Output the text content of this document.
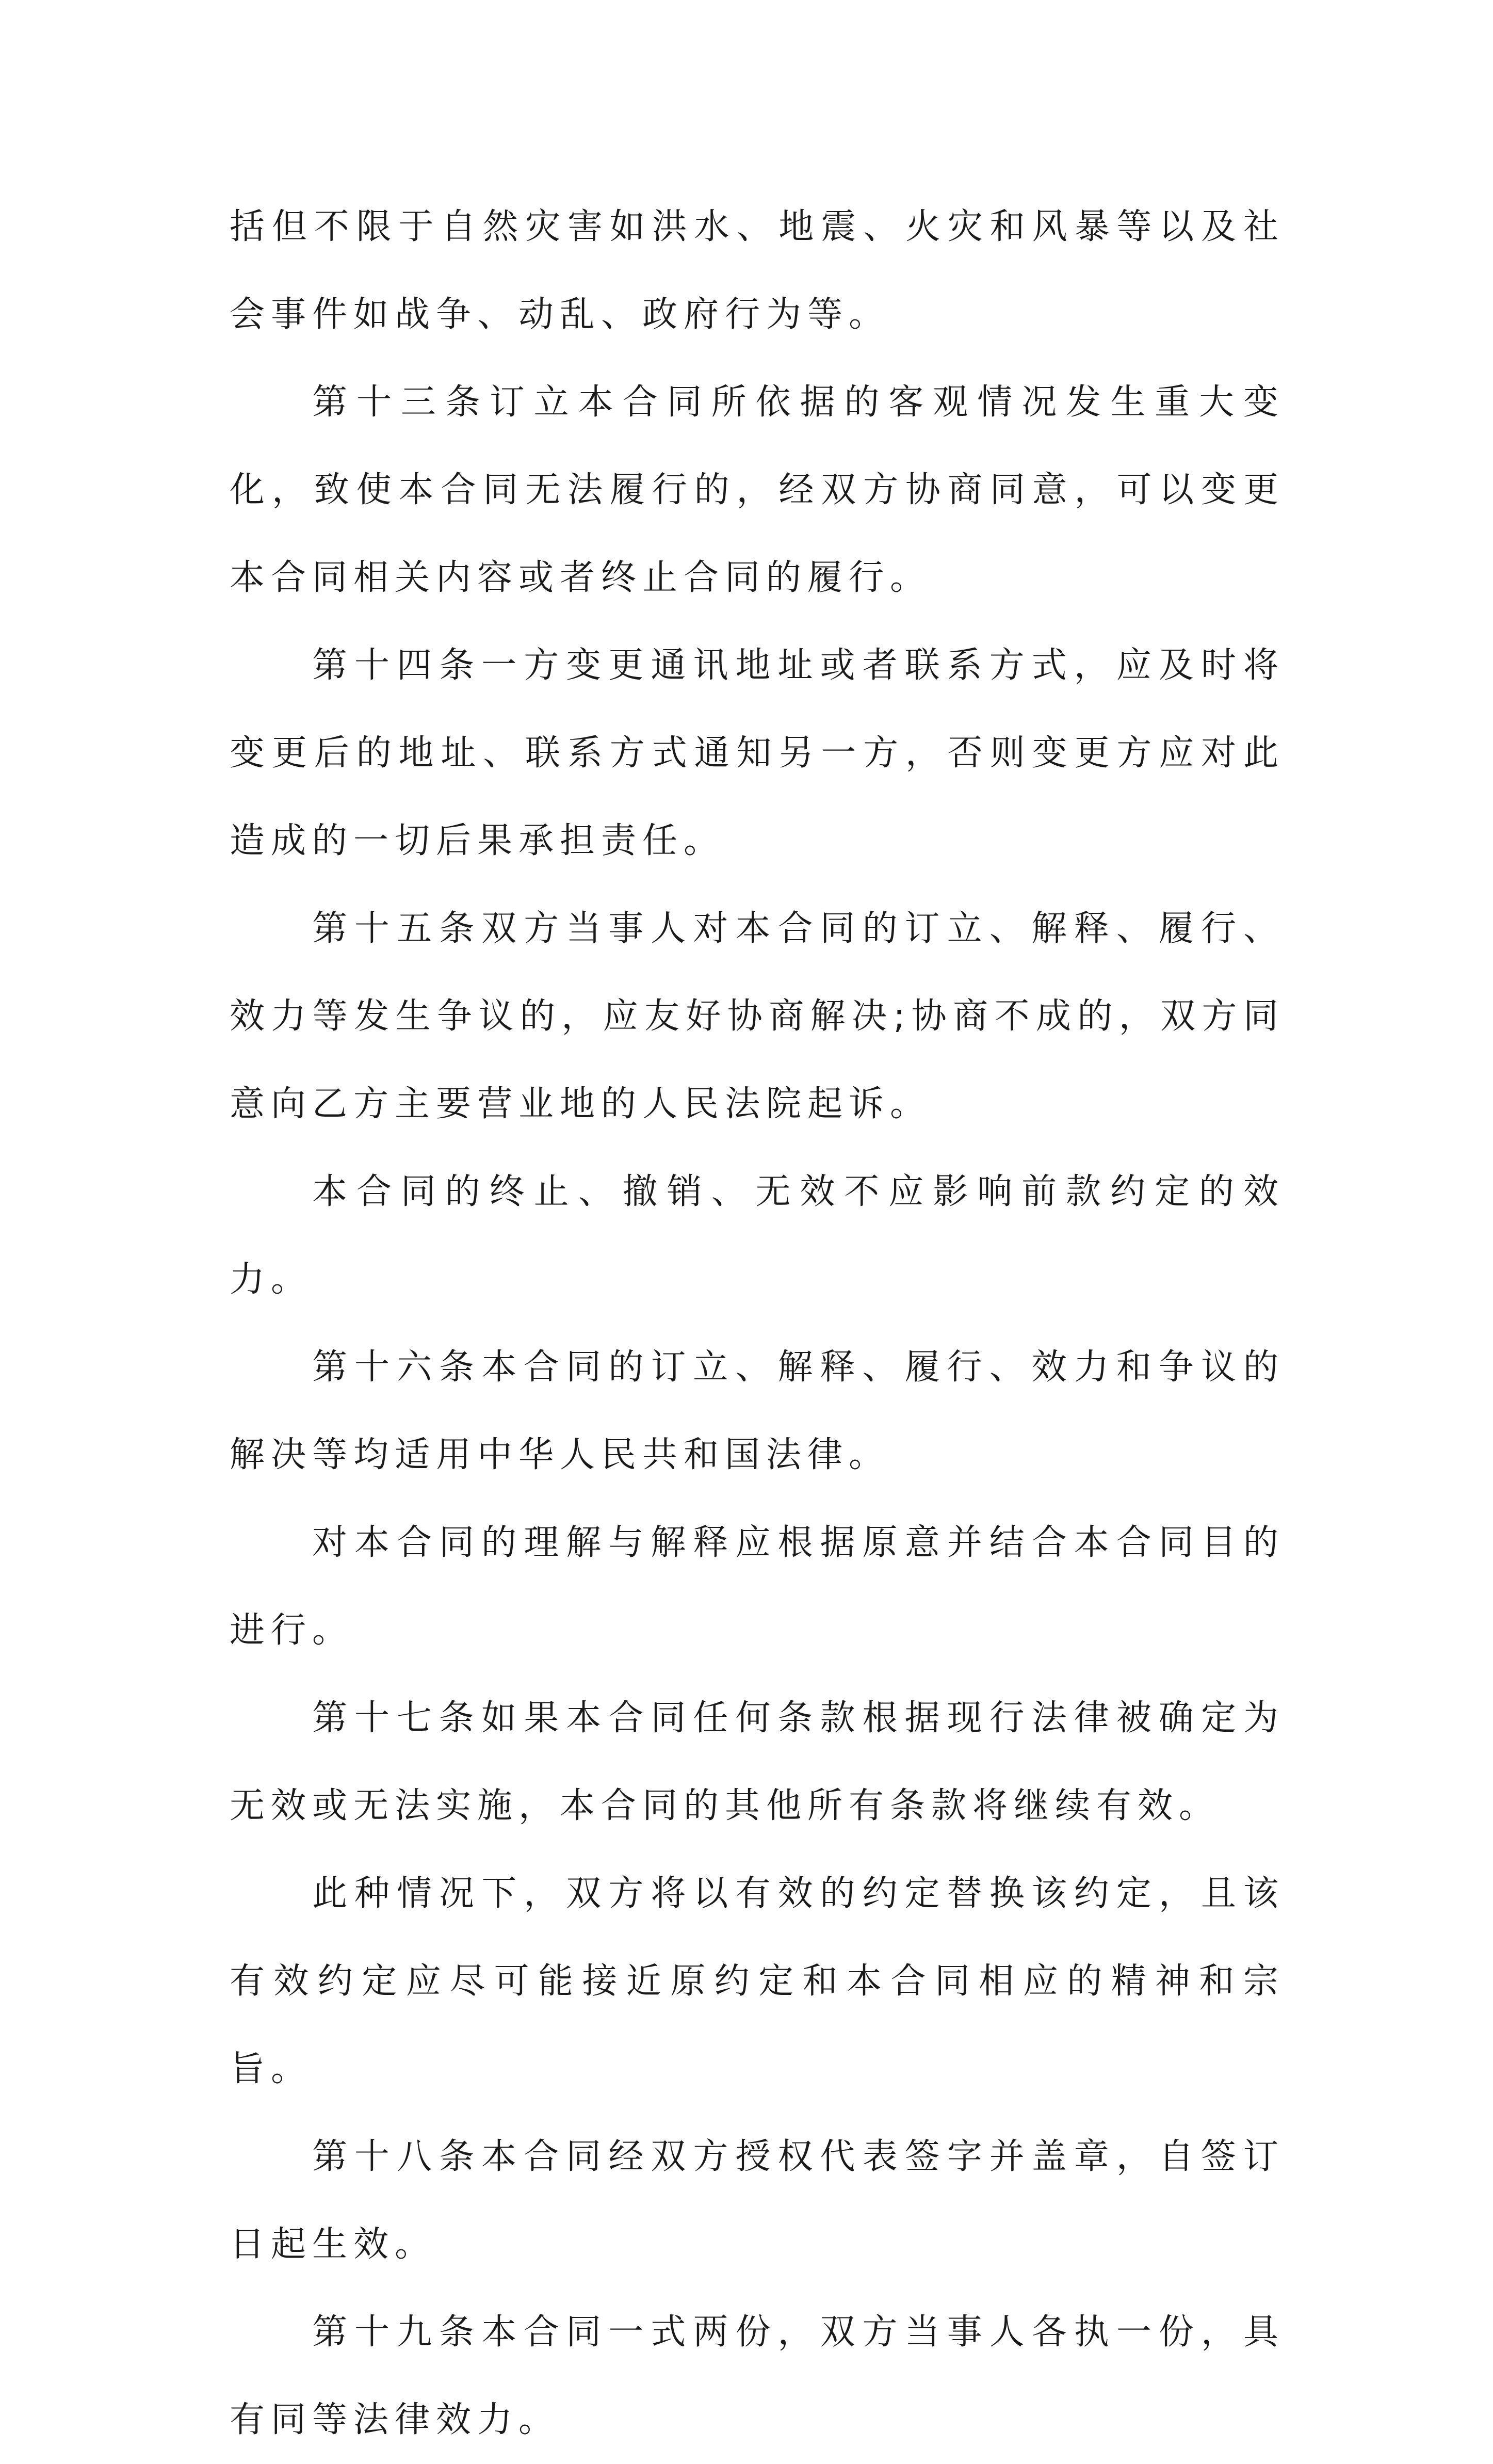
括但不限于自然灾害如洪水、地震、火灾和风暴等以及社会事件如战争、动乱、政府行为等。

第十三条订立本合同所依据的客观情况发生重大变化，致使本合同无法履行的，经双方协商同意，可以变更本合同相关内容或者终止合同的履行。

第十四条一方变更通讯地址或者联系方式，应及时将变更后的地址、联系方式通知另一方，否则变更方应对此造成的一切后果承担责任。

第十五条双方当事人对本合同的订立、解释、履行、效力等发生争议的，应友好协商解决;协商不成的，双方同意向乙方主要营业地的人民法院起诉。

本合同的终止、撤销、无效不应影响前款约定的效力。

第十六条本合同的订立、解释、履行、效力和争议的解决等均适用中华人民共和国法律。

对本合同的理解与解释应根据原意并结合本合同目的进行。

第十七条如果本合同任何条款根据现行法律被确定为无效或无法实施，本合同的其他所有条款将继续有效。

此种情况下，双方将以有效的约定替换该约定，且该有效约定应尽可能接近原约定和本合同相应的精神和宗旨。

第十八条本合同经双方授权代表签字并盖章，自签订日起生效。

第十九条本合同一式两份，双方当事人各执一份，具有同等法律效力。
